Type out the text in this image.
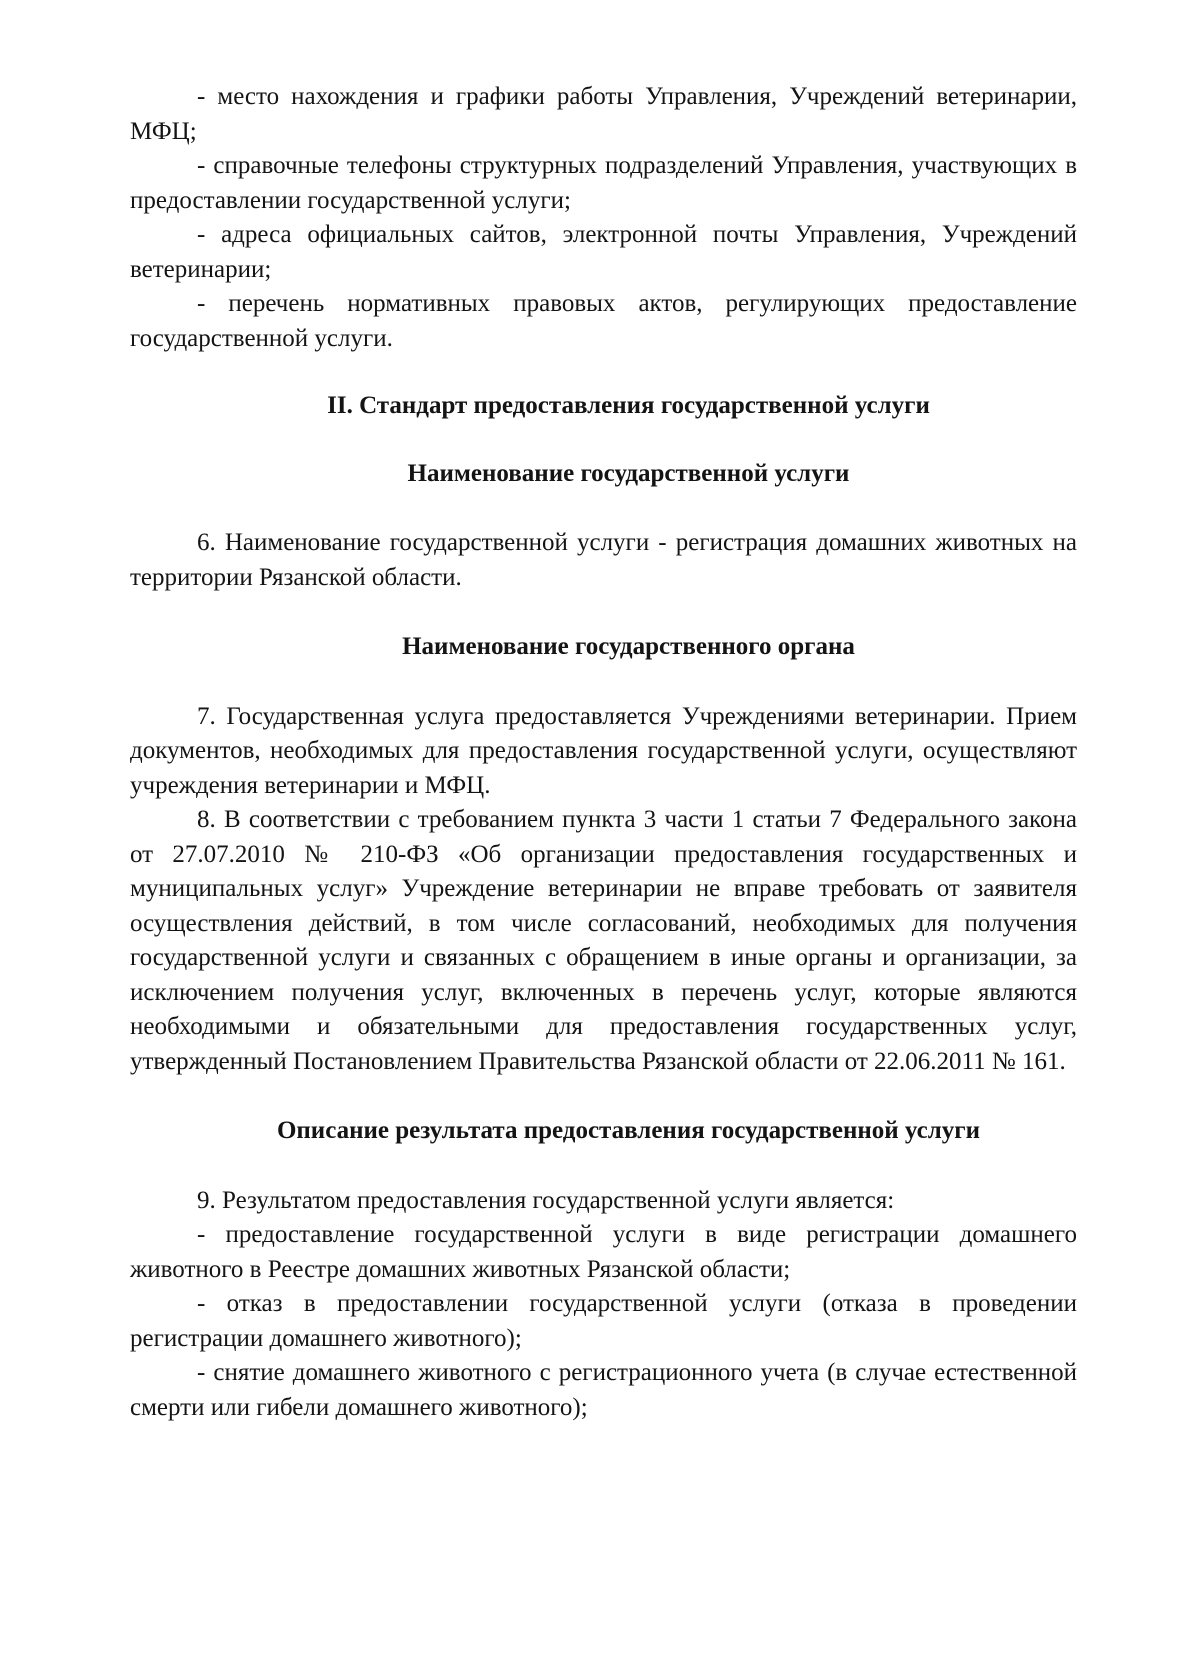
- место нахождения и графики работы Управления, Учреждений ветеринарии, МФЦ;

- справочные телефоны структурных подразделений Управления, участвующих в предоставлении государственной услуги;

- адреса официальных сайтов, электронной почты Управления, Учреждений ветеринарии;

- перечень нормативных правовых актов, регулирующих предоставление государственной услуги.

II. Стандарт предоставления государственной услуги
Наименование государственной услуги

6. Наименование государственной услуги - регистрация домашних животных на территории Рязанской области.

Наименование государственного органа

7. Государственная услуга предоставляется Учреждениями ветеринарии. Прием документов, необходимых для предоставления государственной услуги, осуществляют учреждения ветеринарии и МФЦ.

8. В соответствии с требованием пункта 3 части 1 статьи 7 Федерального закона от 27.07.2010 № 210-ФЗ «Об организации предоставления государственных и муниципальных услуг» Учреждение ветеринарии не вправе требовать от заявителя осуществления действий, в том числе согласований, необходимых для получения государственной услуги и связанных с обращением в иные органы и организации, за исключением получения услуг, включенных в перечень услуг, которые являются необходимыми и обязательными для предоставления государственных услуг, утвержденный Постановлением Правительства Рязанской области от 22.06.2011 № 161.

Описание результата предоставления государственной услуги

9. Результатом предоставления государственной услуги является:

- предоставление государственной услуги в виде регистрации домашнего животного в Реестре домашних животных Рязанской области;

- отказ в предоставлении государственной услуги (отказа в проведении регистрации домашнего животного);

- снятие домашнего животного с регистрационного учета (в случае естественной смерти или гибели домашнего животного);
